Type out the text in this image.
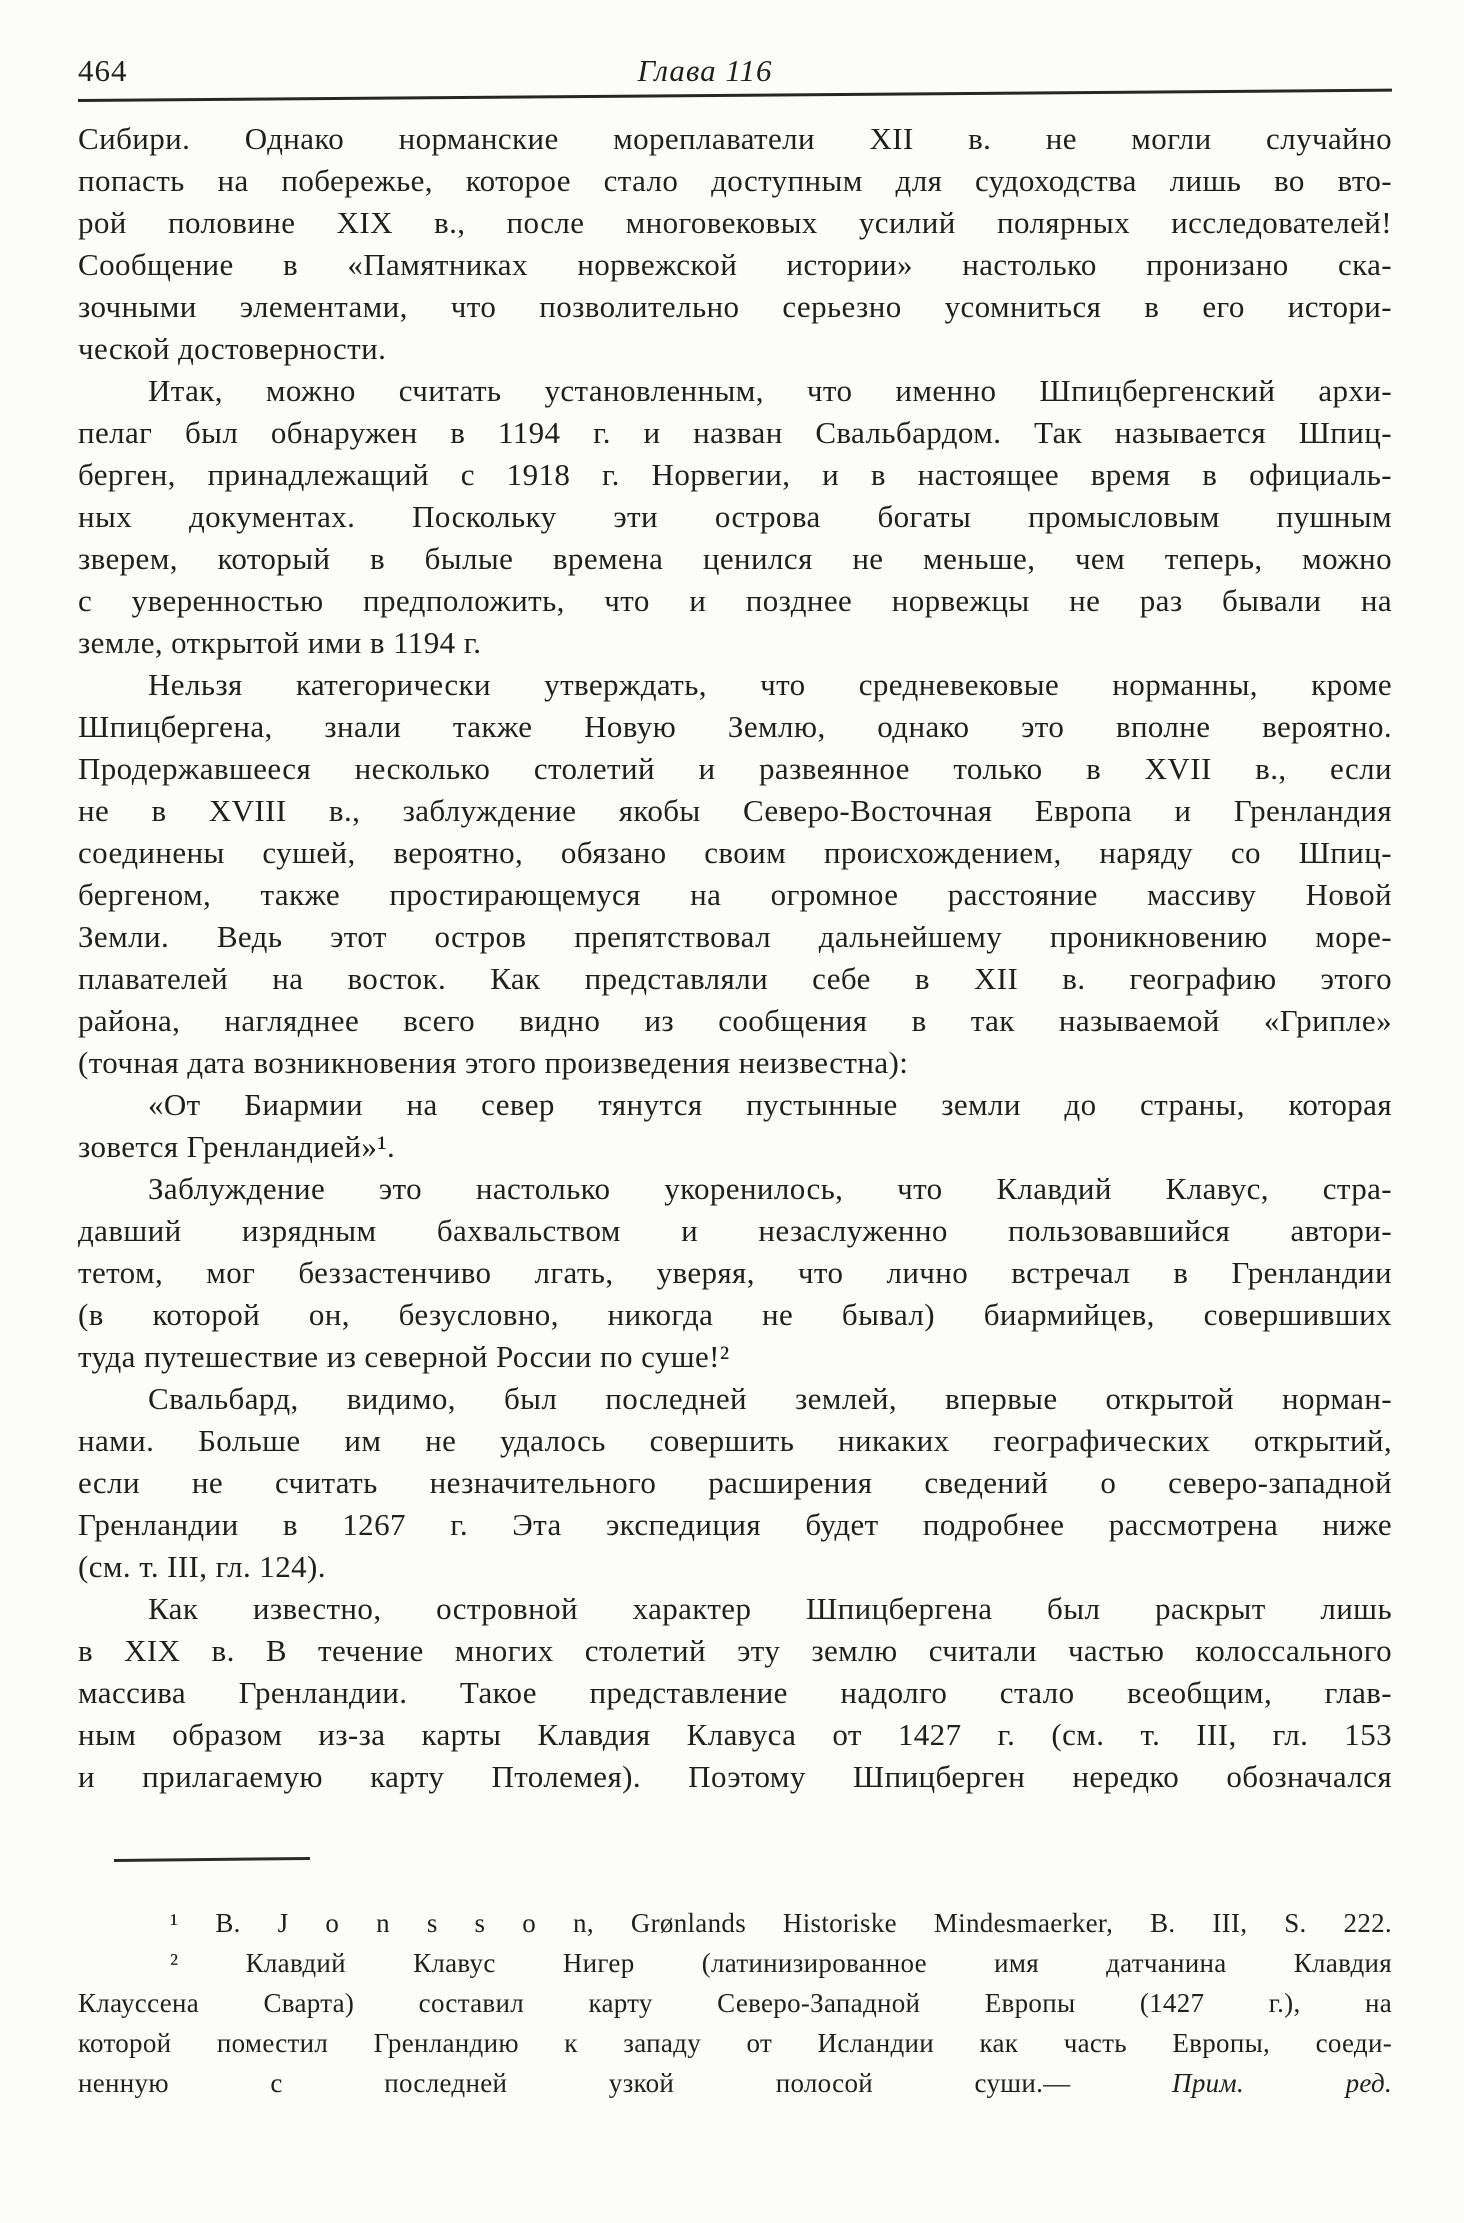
464	Глава 116
Сибири. Однако норманские мореплаватели XII в. не могли случайно
попасть на побережье, которое стало доступным для судоходства лишь во вто-
рой половине XIX в., после многовековых усилий полярных исследователей!
Сообщение в «Памятниках норвежской истории» настолько пронизано ска-
зочными элементами, что позволительно серьезно усомниться в его истори-
ческой достоверности.
Итак, можно считать установленным, что именно Шпицбергенский архи-
пелаг был обнаружен в 1194 г. и назван Свальбардом. Так называется Шпиц-
берген, принадлежащий с 1918 г. Норвегии, и в настоящее время в официаль-
ных документах. Поскольку эти острова богаты промысловым пушным
зверем, который в былые времена ценился не меньше, чем теперь, можно
с уверенностью предположить, что и позднее норвежцы не раз бывали на
земле, открытой ими в 1194 г.
Нельзя категорически утверждать, что средневековые норманны, кроме
Шпицбергена, знали также Новую Землю, однако это вполне вероятно.
Продержавшееся несколько столетий и развеянное только в XVII в., если
не в XVIII в., заблуждение якобы Северо-Восточная Европа и Гренландия
соединены сушей, вероятно, обязано своим происхождением, наряду со Шпиц-
бергеном, также простирающемуся на огромное расстояние массиву Новой
Земли. Ведь этот остров препятствовал дальнейшему проникновению море-
плавателей на восток. Как представляли себе в XII в. географию этого
района, нагляднее всего видно из сообщения в так называемой «Грипле»
(точная дата возникновения этого произведения неизвестна):
«От Биармии на север тянутся пустынные земли до страны, которая
зовется Гренландией»¹.
Заблуждение это настолько укоренилось, что Клавдий Клавус, стра-
давший изрядным бахвальством и незаслуженно пользовавшийся автори-
тетом, мог беззастенчиво лгать, уверяя, что лично встречал в Гренландии
(в которой он, безусловно, никогда не бывал) биармийцев, совершивших
туда путешествие из северной России по суше!²
Свальбард, видимо, был последней землей, впервые открытой норман-
нами. Больше им не удалось совершить никаких географических открытий,
если не считать незначительного расширения сведений о северо-западной
Гренландии в 1267 г. Эта экспедиция будет подробнее рассмотрена ниже
(см. т. III, гл. 124).
Как известно, островной характер Шпицбергена был раскрыт лишь
в XIX в. В течение многих столетий эту землю считали частью колоссального
массива Гренландии. Такое представление надолго стало всеобщим, глав-
ным образом из-за карты Клавдия Клавуса от 1427 г. (см. т. III, гл. 153
и прилагаемую карту Птолемея). Поэтому Шпицберген нередко обозначался
¹ B. J o n s s o n, Grønlands Historiske Mindesmaerker, B. III, S. 222.
² Клавдий Клавус Нигер (латинизированное имя датчанина Клавдия
Клауссена Сварта) составил карту Северо-Западной Европы (1427 г.), на
которой поместил Гренландию к западу от Исландии как часть Европы, соеди-
ненную с последней узкой полосой суши.— Прим. ред.
